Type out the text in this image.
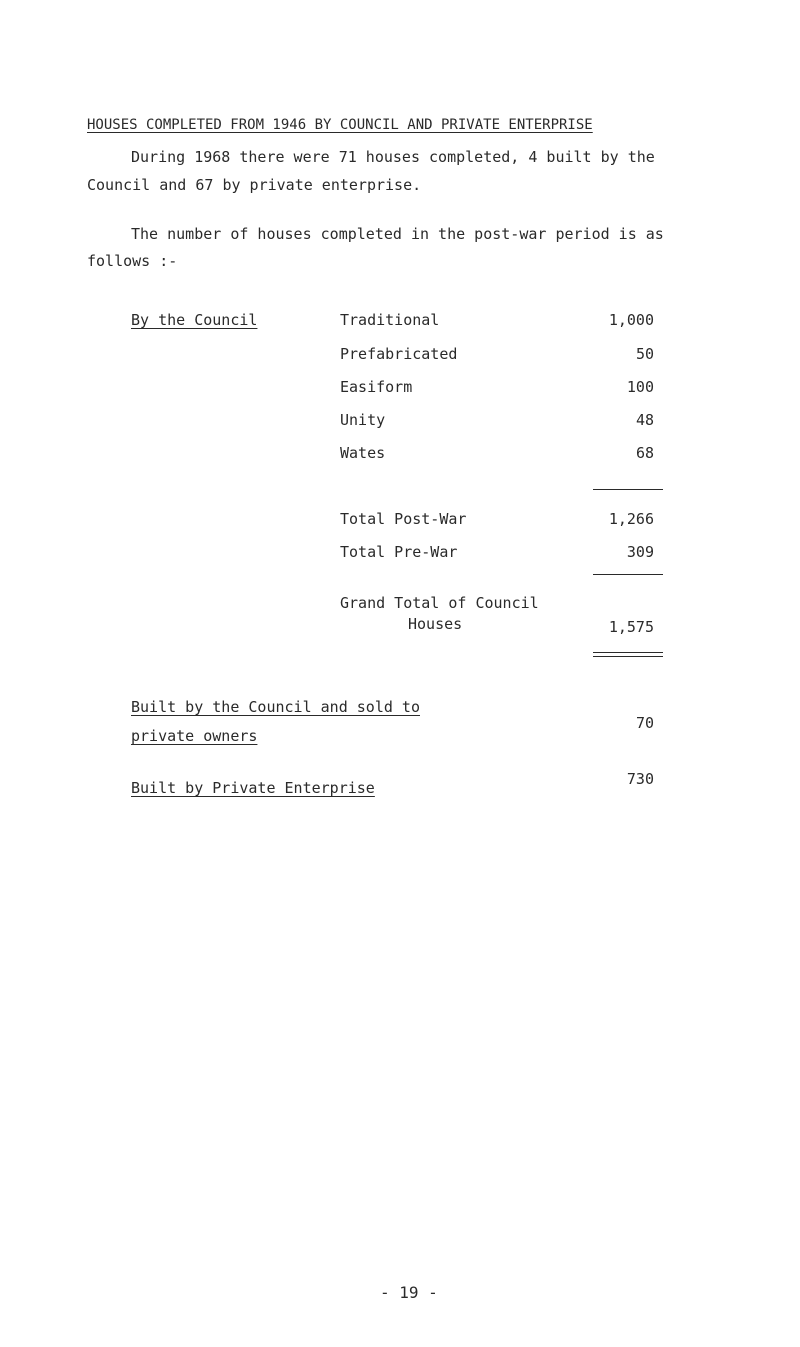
HOUSES COMPLETED FROM 1946 BY COUNCIL AND PRIVATE ENTERPRISE
During 1968 there were 71 houses completed, 4 built by the
Council and 67 by private enterprise.
The number of houses completed in the post-war period is as
follows :-
By the Council	Traditional	1,000
Prefabricated	50
Easiform	100
Unity	48
Wates	68
Total Post-War	1,266
Total Pre-War	309
Grand Total of Council
Houses	1,575
Built by the Council and sold to
private owners
70
Built by Private Enterprise	730
- 19 -
